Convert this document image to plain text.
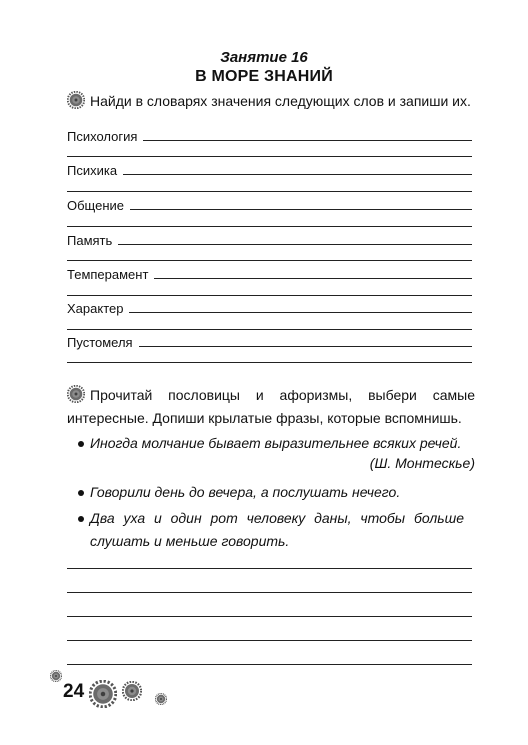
Занятие 16
В МОРЕ ЗНАНИЙ
Найди в словарях значения следующих слов и запиши их.
Психология
Психика
Общение
Память
Темперамент
Характер
Пустомеля
Прочитай пословицы и афоризмы, выбери самые интересные. Допиши крылатые фразы, которые вспомнишь.
Иногда молчание бывает выразительнее всяких речей.
(Ш. Монтескье)
Говорили день до вечера, а послушать нечего.
Два уха и один рот человеку даны, чтобы больше слушать и меньше говорить.
24
